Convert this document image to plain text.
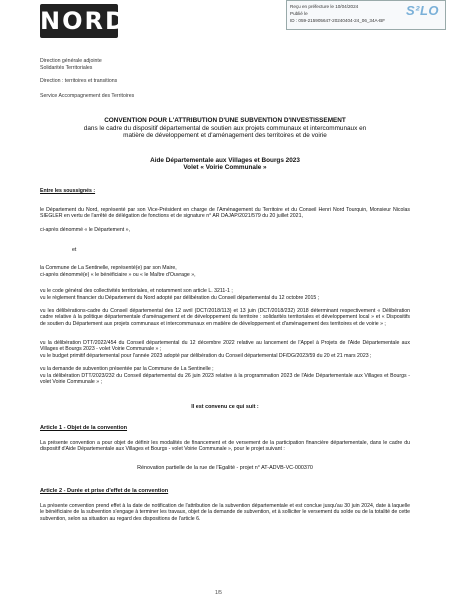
NORD
Reçu en préfecture le 10/04/2024
Publié le
ID : 059-215905647-20240404-24_06_34A-BF
S²LO
Direction générale adjointe
Solidarités Territoriales
Direction : territoires et transitions
Service Accompagnement des Territoires
CONVENTION POUR L'ATTRIBUTION D'UNE SUBVENTION D'INVESTISSEMENT
dans le cadre du dispositif départemental de soutien aux projets communaux et intercommunaux en
matière de développement et d'aménagement des territoires et de voirie
Aide Départementale aux Villages et Bourgs 2023
Volet « Voirie Communale »
Entre les soussignés :
le Département du Nord, représenté par son Vice-Président en charge de l'Aménagement du Territoire et du Conseil Henri Nord Tourquin, Monsieur Nicolas SIEGLER en vertu de l'arrêté de délégation de fonctions et de signature n° AR DAJAP/2021/579 du 20 juillet 2021,
ci-après dénommé « le Département »,
et
la Commune de La Sentinelle, représenté(e) par son Maire,
ci-après dénommé(e) « le bénéficiaire » ou « le Maître d'Ouvrage »,
vu le code général des collectivités territoriales, et notamment son article L. 3211-1 ;
vu le règlement financier du Département du Nord adopté par délibération du Conseil départemental du 12 octobre 2015 ;
vu les délibérations-cadre du Conseil départemental des 12 avril (DCT/2018/113) et 13 juin (DCT/2018/232) 2018 déterminant respectivement « Délibération cadre relative à la politique départementale d'aménagement et de développement du territoire : solidarités territoriales et développement local » et « Dispositifs de soutien du Département aux projets communaux et intercommunaux en matière de développement et d'aménagement des territoires et de voirie » ;
vu la délibération DTT/2022/454 du Conseil départemental du 12 décembre 2022 relative au lancement de l'Appel à Projets de l'Aide Départementale aux Villages et Bourgs 2023 - volet Voirie Communale » ;
vu le budget primitif départemental pour l'année 2023 adopté par délibération du Conseil départemental DF/DG/2023/59 du 20 et 21 mars 2023 ;
vu la demande de subvention présentée par la Commune de La Sentinelle ;
vu la délibération DTT/2023/232 du Conseil départemental du 26 juin 2023 relative à la programmation 2023 de l'Aide Départementale aux Villages et Bourgs - volet Voirie Communale » ;
Il est convenu ce qui suit :
Article 1 - Objet de la convention
La présente convention a pour objet de définir les modalités de financement et de versement de la participation financière départementale, dans le cadre du dispositif d'Aide Départementale aux Villages et Bourgs - volet Voirie Communale », pour le projet suivant :
Rénovation partielle de la rue de l'Egalité - projet n° AT-ADVB-VC-000370
Article 2 - Durée et prise d'effet de la convention
La présente convention prend effet à la date de notification de l'attribution de la subvention départementale et est conclue jusqu'au 30 juin 2024, date à laquelle le bénéficiaire de la subvention s'engage à terminer les travaux, objet de la demande de subvention, et à solliciter le versement du solde ou de la totalité de cette subvention, selon sa situation au regard des dispositions de l'article 6.
1/5
